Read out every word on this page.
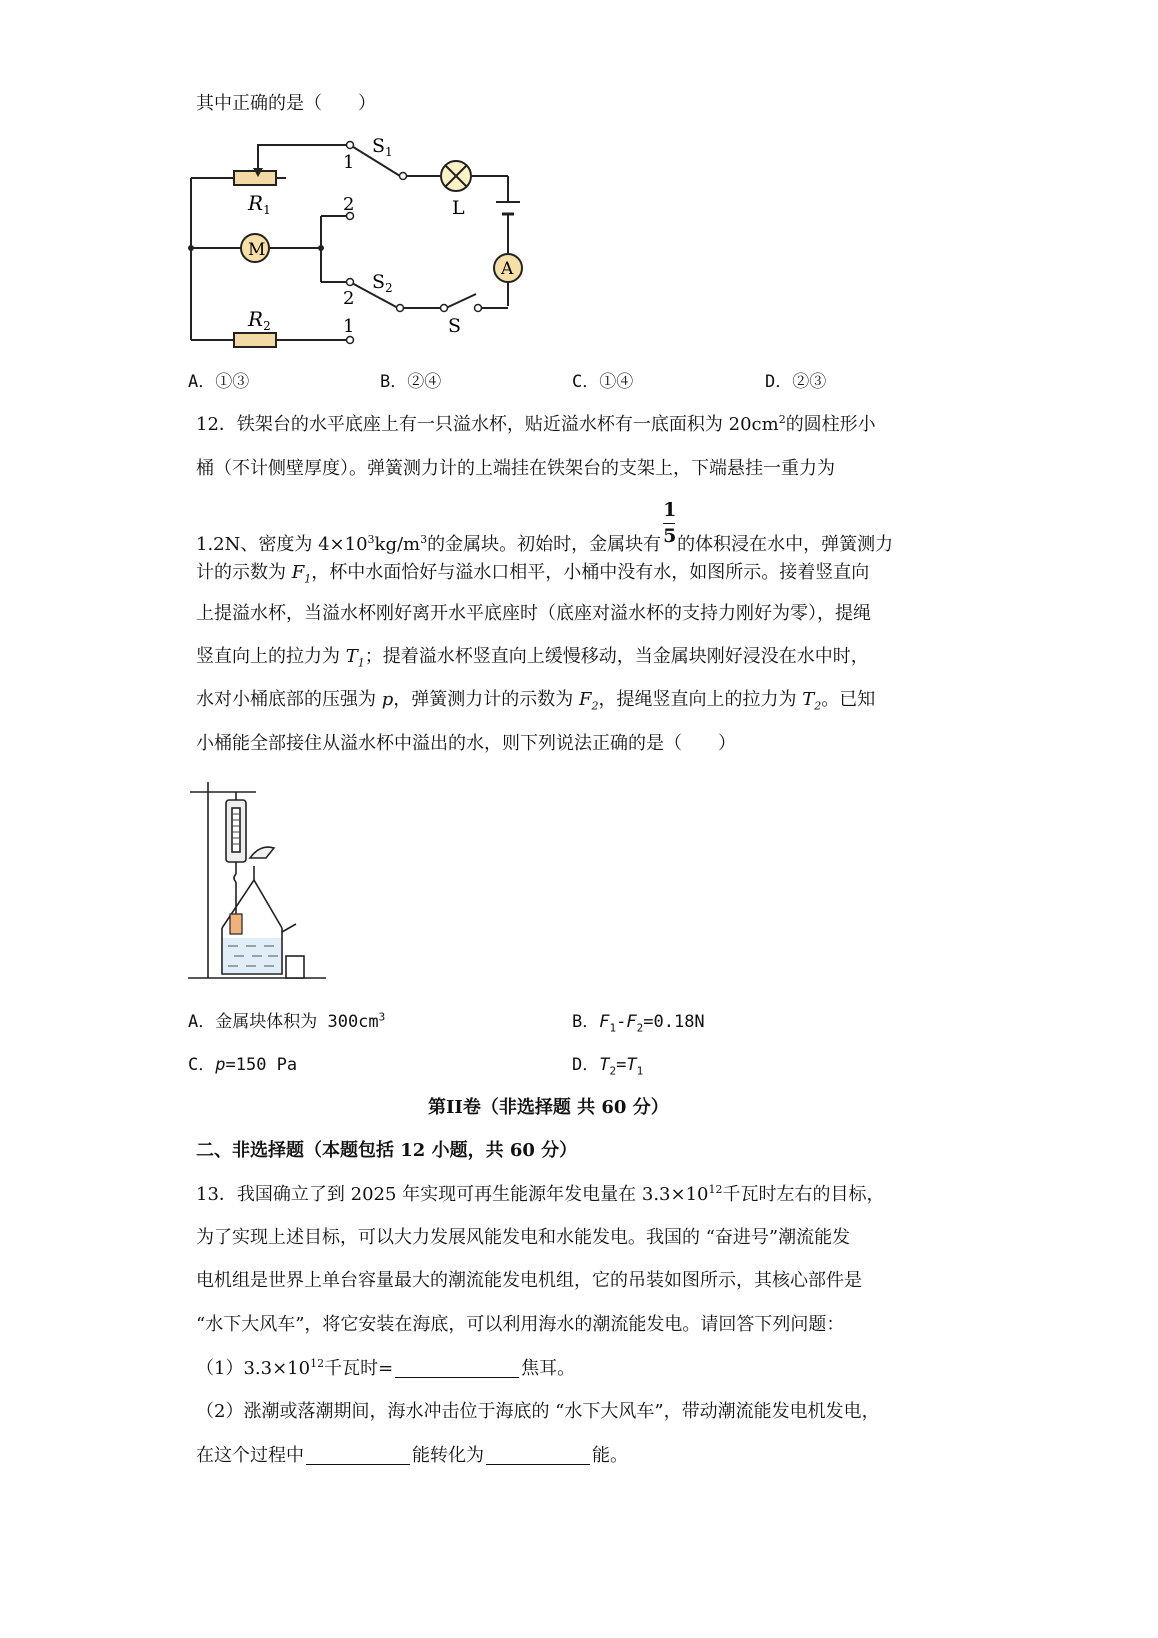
其中正确的是（　　）
$R_1$
$R_2$
M
A
L
$S_1$
$S_2$
S
1
2
2
1
A．①③	B．②④	C．①④	D．②③
12．铁架台的水平底座上有一只溢水杯，贴近溢水杯有一底面积为 $20cm^2$的圆柱形小
桶（不计侧壁厚度）。弹簧测力计的上端挂在铁架台的支架上，下端悬挂一重力为
1.2N、密度为 $4\times 10^3kg/m^3$的金属块。初始时，金属块有 $\frac{1}{5}$ 的体积浸在水中，弹簧测力
计的示数为 $F_1$，杯中水面恰好与溢水口相平，小桶中没有水，如图所示。接着竖直向
上提溢水杯，当溢水杯刚好离开水平底座时（底座对溢水杯的支持力刚好为零），提绳
竖直向上的拉力为 $T_1$；提着溢水杯竖直向上缓慢移动，当金属块刚好浸没在水中时，
水对小桶底部的压强为 p，弹簧测力计的示数为 $F_2$，提绳竖直向上的拉力为 $T_2$。已知
小桶能全部接住从溢水杯中溢出的水，则下列说法正确的是（　　）
A．金属块体积为 $300cm^3$	B．$F_1-F_2=0.18N$
C．p=150 Pa	D．$T_2=T_1$
第II卷（非选择题 共 60 分）
二、非选择题（本题包括 12 小题，共 60 分）
13．我国确立了到 2025 年实现可再生能源年发电量在 $3.3\times 10^{12}$千瓦时左右的目标，
为了实现上述目标，可以大力发展风能发电和水能发电。我国的 “奋进号”潮流能发
电机组是世界上单台容量最大的潮流能发电机组，它的吊装如图所示，其核心部件是
“水下大风车”，将它安装在海底，可以利用海水的潮流能发电。请回答下列问题：
$(1)3.3\times 10^{12}$千瓦时=	焦耳。
（2）涨潮或落潮期间，海水冲击位于海底的 “水下大风车”，带动潮流能发电机发电，
在这个过程中	能转化为	能。
